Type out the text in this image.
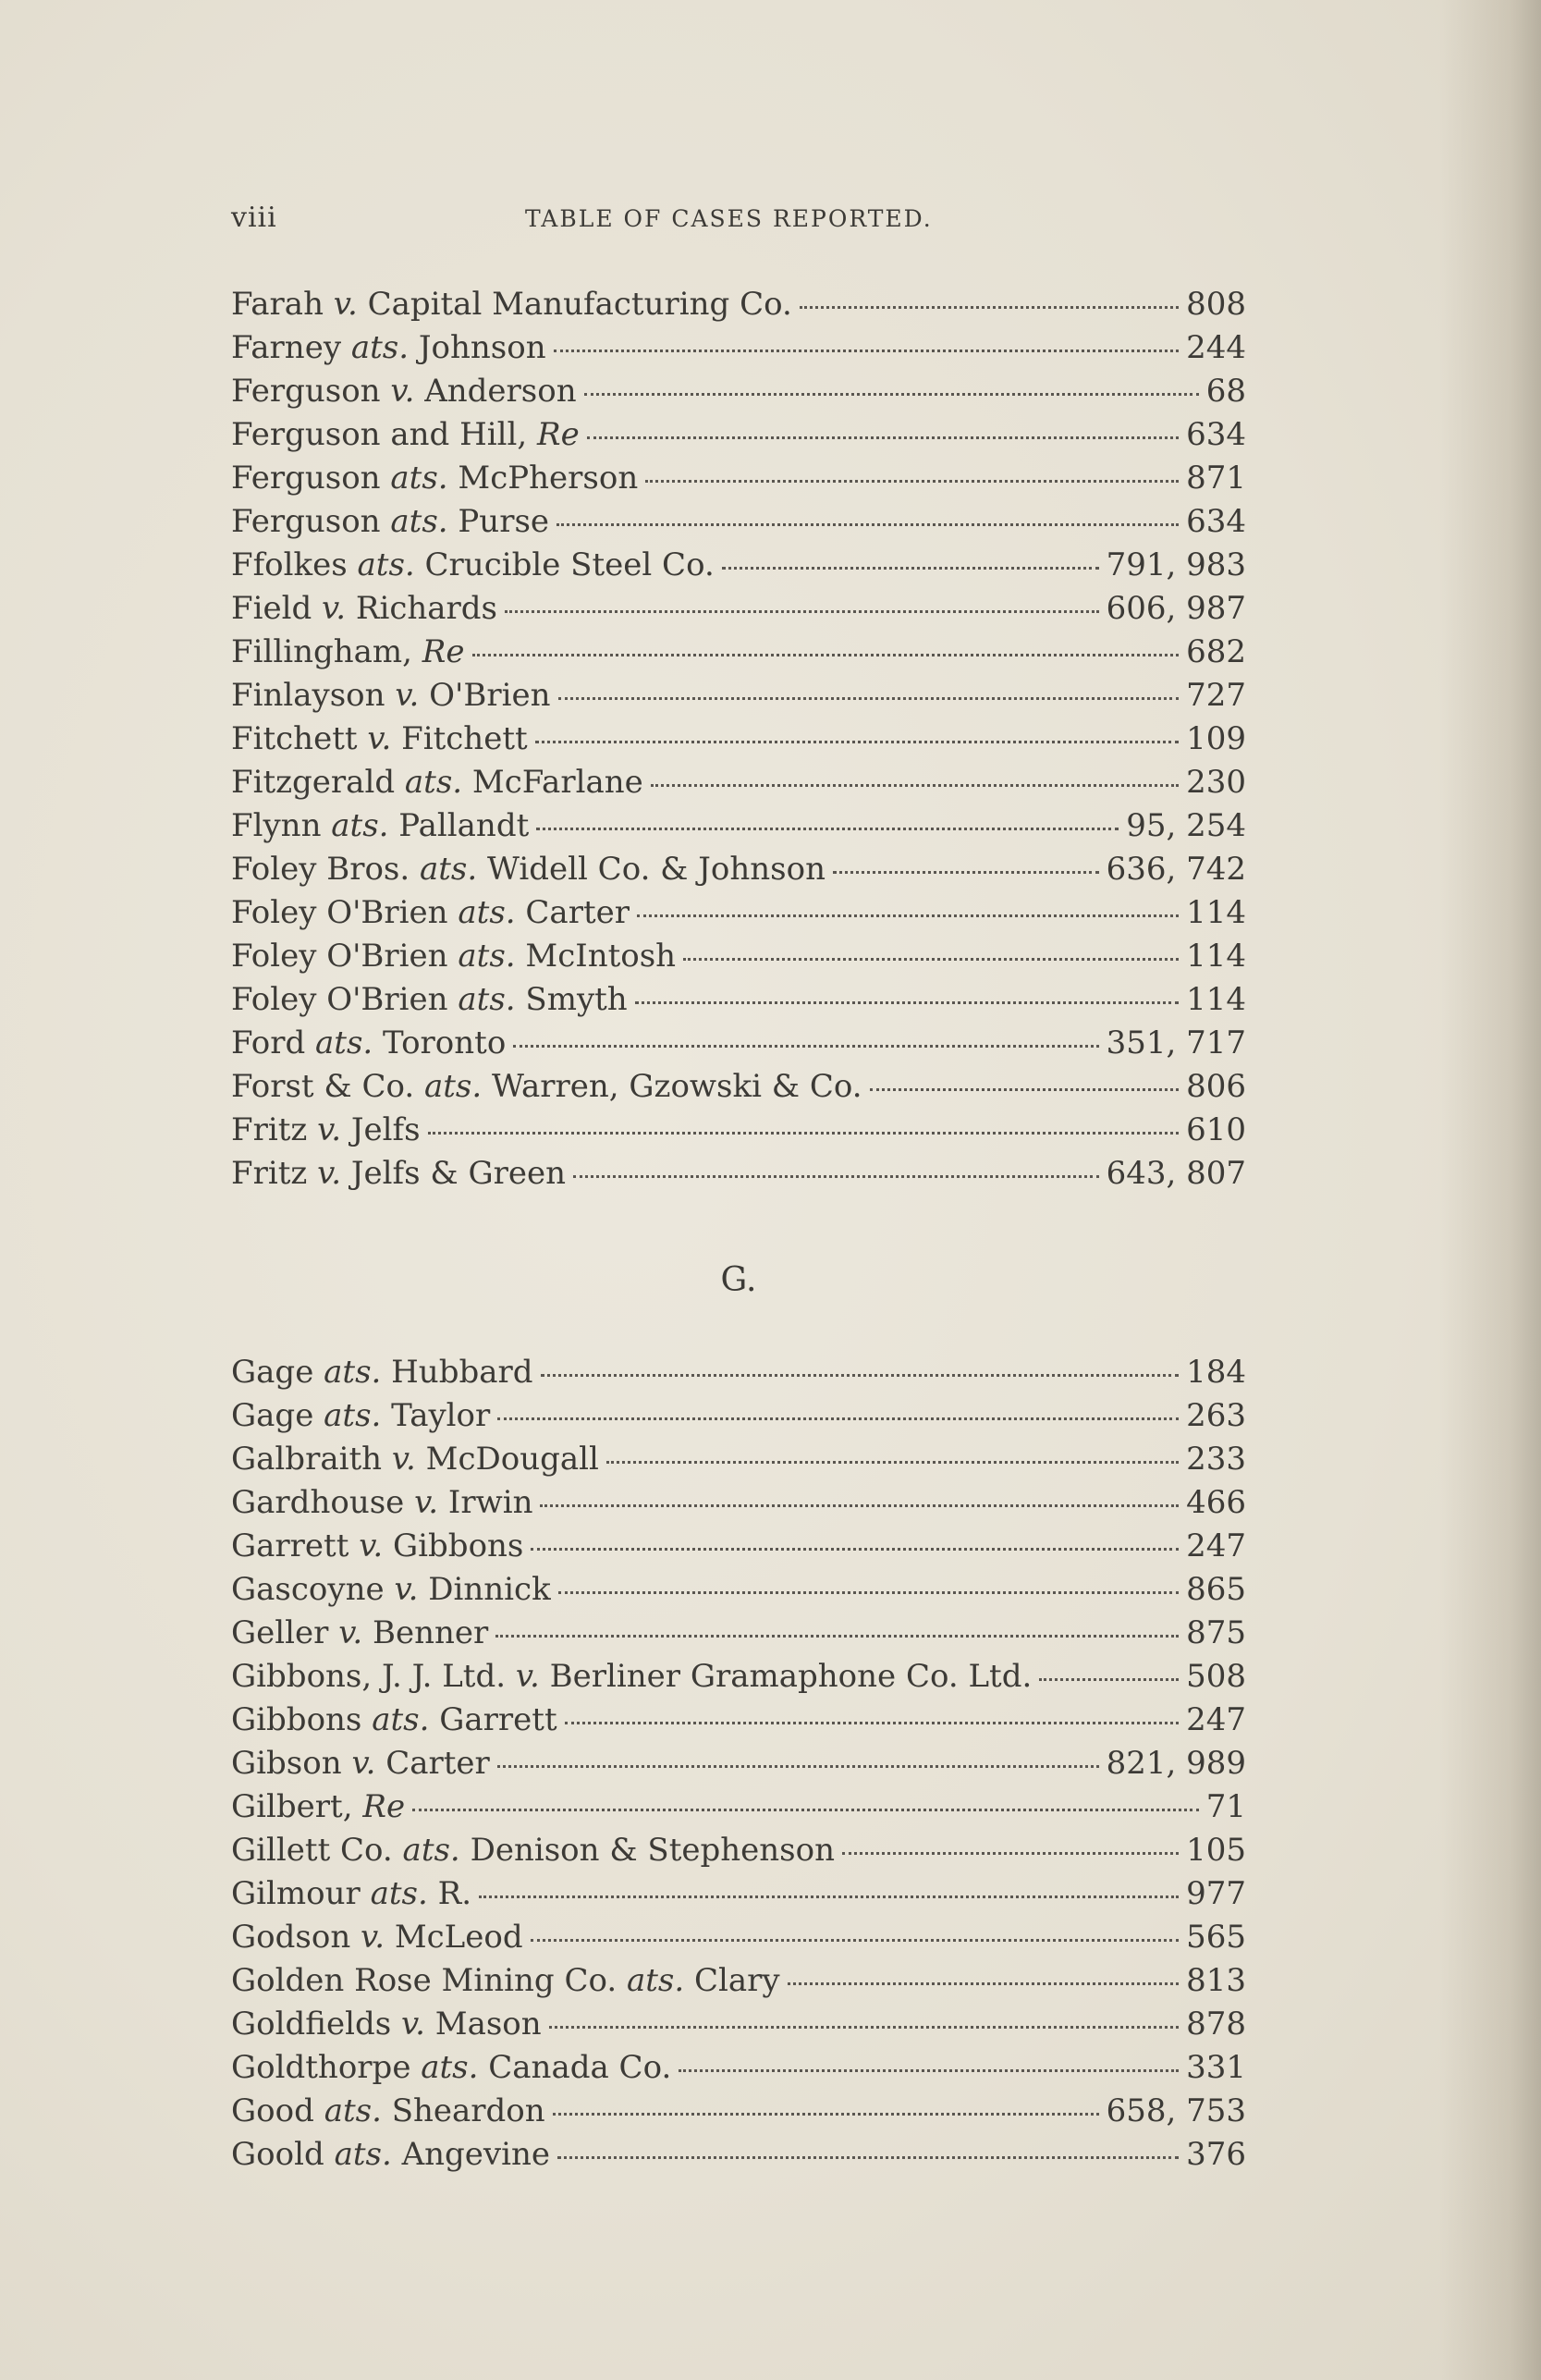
viii	TABLE OF CASES REPORTED.
Farah v. Capital Manufacturing Co.	808
Farney ats. Johnson	244
Ferguson v. Anderson	68
Ferguson and Hill, Re	634
Ferguson ats. McPherson	871
Ferguson ats. Purse	634
Ffolkes ats. Crucible Steel Co.	791, 983
Field v. Richards	606, 987
Fillingham, Re	682
Finlayson v. O'Brien	727
Fitchett v. Fitchett	109
Fitzgerald ats. McFarlane	230
Flynn ats. Pallandt	95, 254
Foley Bros. ats. Widell Co. & Johnson	636, 742
Foley O'Brien ats. Carter	114
Foley O'Brien ats. McIntosh	114
Foley O'Brien ats. Smyth	114
Ford ats. Toronto	351, 717
Forst & Co. ats. Warren, Gzowski & Co.	806
Fritz v. Jelfs	610
Fritz v. Jelfs & Green	643, 807
G.
Gage ats. Hubbard	184
Gage ats. Taylor	263
Galbraith v. McDougall	233
Gardhouse v. Irwin	466
Garrett v. Gibbons	247
Gascoyne v. Dinnick	865
Geller v. Benner	875
Gibbons, J. J. Ltd. v. Berliner Gramaphone Co. Ltd.	508
Gibbons ats. Garrett	247
Gibson v. Carter	821, 989
Gilbert, Re	71
Gillett Co. ats. Denison & Stephenson	105
Gilmour ats. R.	977
Godson v. McLeod	565
Golden Rose Mining Co. ats. Clary	813
Goldfields v. Mason	878
Goldthorpe ats. Canada Co.	331
Good ats. Sheardon	658, 753
Goold ats. Angevine	376
